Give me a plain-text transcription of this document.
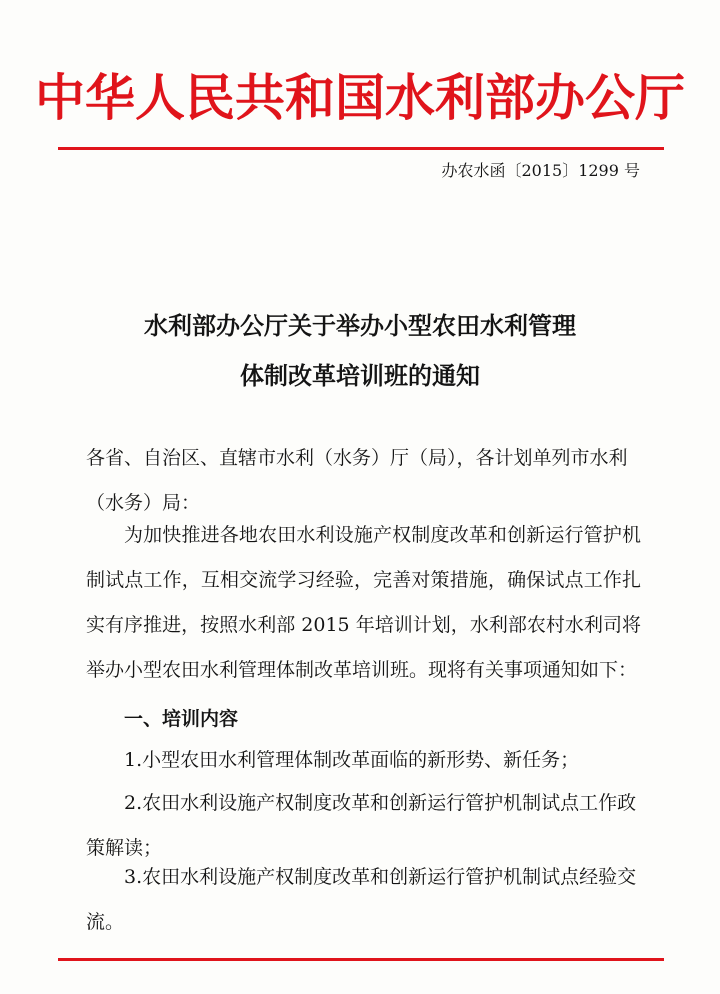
中华人民共和国水利部办公厅
办农水函〔2015〕1299 号
水利部办公厅关于举办小型农田水利管理
体制改革培训班的通知
各省、自治区、直辖市水利（水务）厅（局），各计划单列市水利（水务）局：
为加快推进各地农田水利设施产权制度改革和创新运行管护机制试点工作，互相交流学习经验，完善对策措施，确保试点工作扎实有序推进，按照水利部 2015 年培训计划，水利部农村水利司将举办小型农田水利管理体制改革培训班。现将有关事项通知如下：
一、培训内容
1.小型农田水利管理体制改革面临的新形势、新任务；
2.农田水利设施产权制度改革和创新运行管护机制试点工作政策解读；
3.农田水利设施产权制度改革和创新运行管护机制试点经验交流。
